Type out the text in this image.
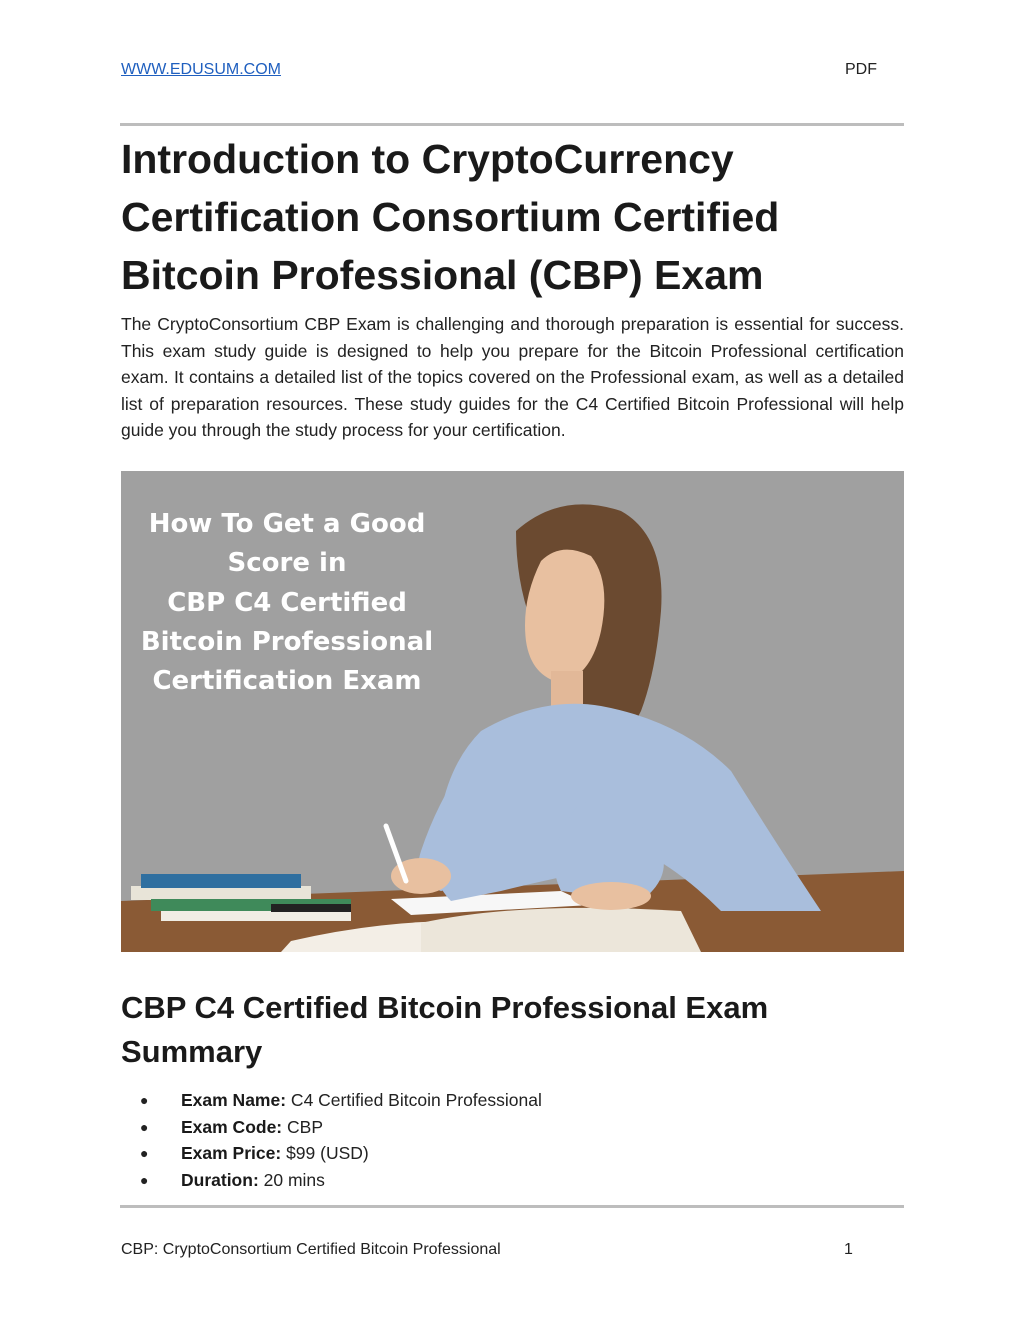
WWW.EDUSUM.COM	PDF
Introduction to CryptoCurrency Certification Consortium Certified Bitcoin Professional (CBP) Exam

The CryptoConsortium CBP Exam is challenging and thorough preparation is essential for success. This exam study guide is designed to help you prepare for the Bitcoin Professional certification exam. It contains a detailed list of the topics covered on the Professional exam, as well as a detailed list of preparation resources. These study guides for the C4 Certified Bitcoin Professional will help guide you through the study process for your certification.

How To Get a Good
Score in
CBP C4 Certified
Bitcoin Professional
Certification Exam

CBP C4 Certified Bitcoin Professional Exam Summary
● Exam Name: C4 Certified Bitcoin Professional
● Exam Code: CBP
● Exam Price: $99 (USD)
● Duration: 20 mins
CBP: CryptoConsortium Certified Bitcoin Professional	1
